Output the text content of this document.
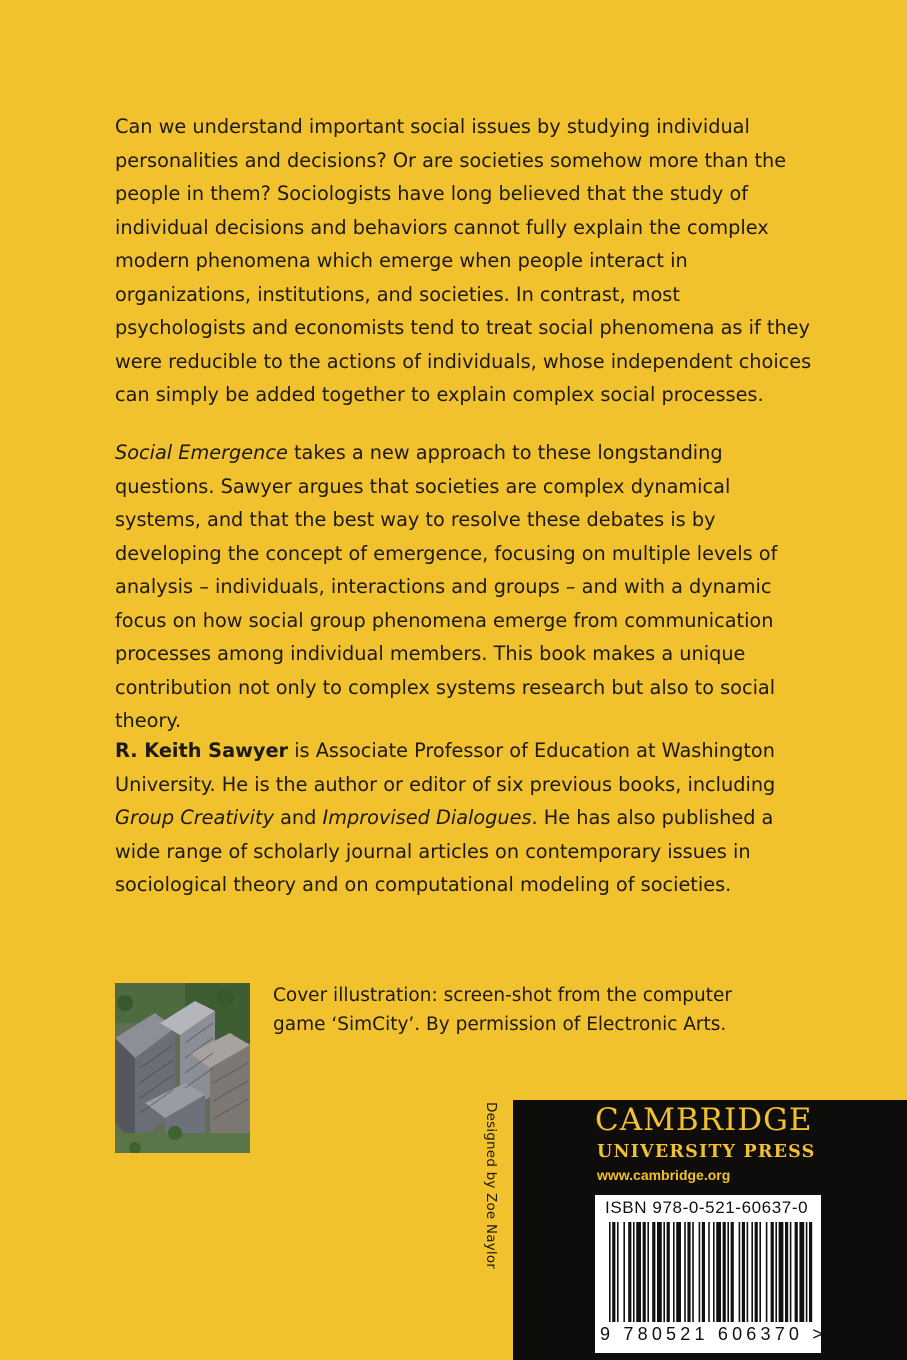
Can we understand important social issues by studying individual personalities and decisions? Or are societies somehow more than the people in them? Sociologists have long believed that the study of individual decisions and behaviors cannot fully explain the complex modern phenomena which emerge when people interact in organizations, institutions, and societies. In contrast, most psychologists and economists tend to treat social phenomena as if they were reducible to the actions of individuals, whose independent choices can simply be added together to explain complex social processes.

Social Emergence takes a new approach to these longstanding questions. Sawyer argues that societies are complex dynamical systems, and that the best way to resolve these debates is by developing the concept of emergence, focusing on multiple levels of analysis – individuals, interactions and groups – and with a dynamic focus on how social group phenomena emerge from communication processes among individual members. This book makes a unique contribution not only to complex systems research but also to social theory.

R. Keith Sawyer is Associate Professor of Education at Washington University. He is the author or editor of six previous books, including Group Creativity and Improvised Dialogues. He has also published a wide range of scholarly journal articles on contemporary issues in sociological theory and on computational modeling of societies.

Cover illustration: screen-shot from the computer game ‘SimCity’. By permission of Electronic Arts.

Designed by Zoe Naylor	CAMBRIDGE
UNIVERSITY PRESS
www.cambridge.org
ISBN 978-0-521-60637-0
9 780521 606370 >
